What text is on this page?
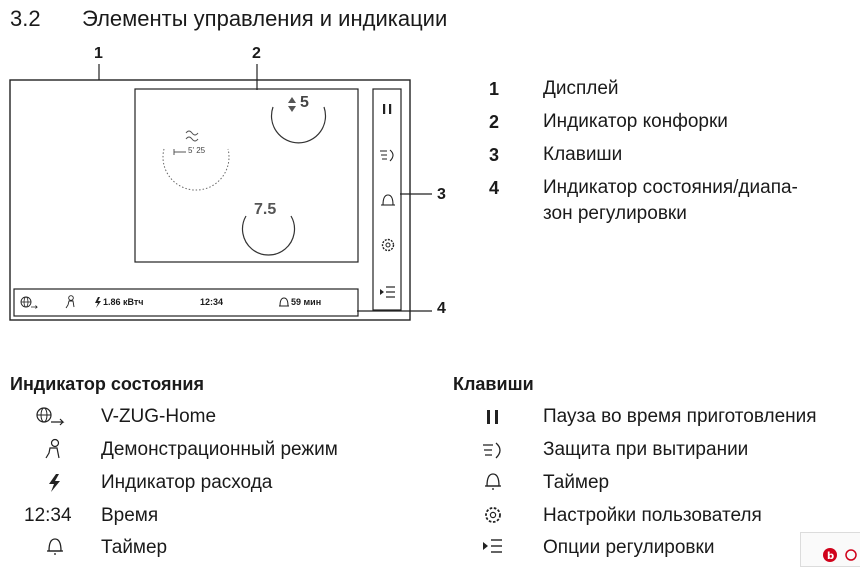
3.2 Элементы управления и индикации
1	2
3
4
5
5' 25
7.5
1.86 кВтч	12:34	59 мин
1 Дисплей
2 Индикатор конфорки
3 Клавиши
4 Индикатор состояния/диапа-
зон регулировки
Индикатор состояния
V-ZUG-Home
Демонстрационный режим
Индикатор расхода
12:34 Время
Таймер
Клавиши
Пауза во время приготовления
Защита при вытирании
Таймер
Настройки пользователя
Опции регулировки	b
